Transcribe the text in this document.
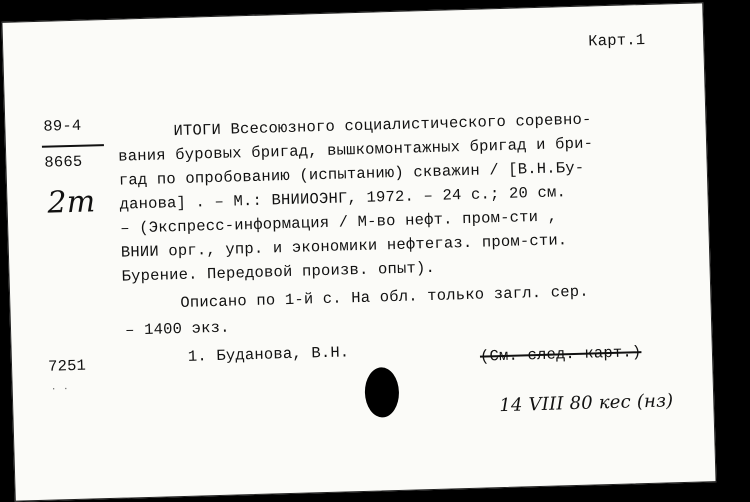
Карт.1
89-4
8665
2m
ИТОГИ Всесоюзного социалистического соревно-
вания буровых бригад, вышкомонтажных бригад и бри-
гад по опробованию (испытанию) скважин / [В.Н.Бу-
данова] . – М.: ВНИИОЭНГ, 1972. – 24 с.; 20 см.
– (Экспресс-информация / М-во нефт. пром-сти ,
ВНИИ орг., упр. и экономики нефтегаз. пром-сти.
Бурение. Передовой произв. опыт).
Описано по 1-й с. На обл. только загл. сер.
– 1400 экз.
7251
1. Буданова, В.Н.	(См. след. карт.)
٠ ٠
14 VIII 80 кес (нз)
